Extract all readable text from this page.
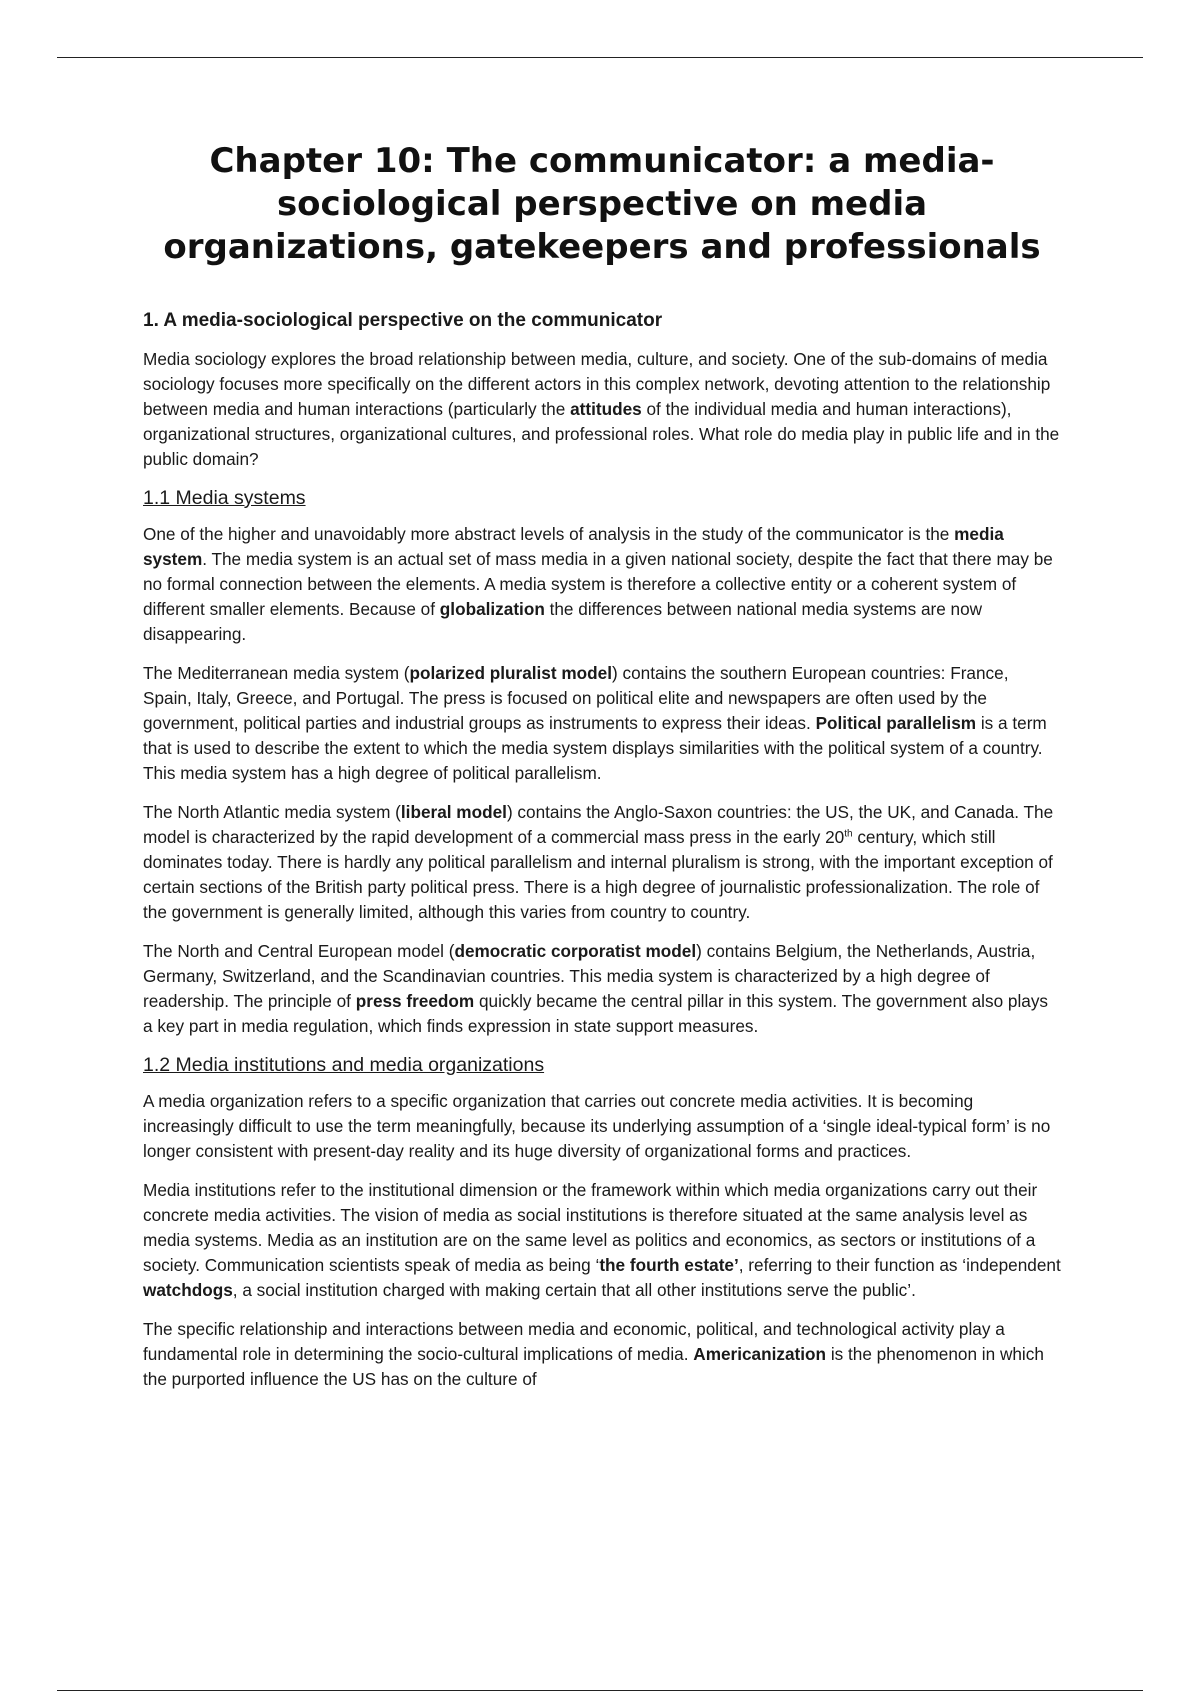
Chapter 10: The communicator: a media-sociological perspective on media organizations, gatekeepers and professionals
1. A media-sociological perspective on the communicator

Media sociology explores the broad relationship between media, culture, and society. One of the sub-domains of media sociology focuses more specifically on the different actors in this complex network, devoting attention to the relationship between media and human interactions (particularly the attitudes of the individual media and human interactions), organizational structures, organizational cultures, and professional roles. What role do media play in public life and in the public domain?

1.1 Media systems

One of the higher and unavoidably more abstract levels of analysis in the study of the communicator is the media system. The media system is an actual set of mass media in a given national society, despite the fact that there may be no formal connection between the elements. A media system is therefore a collective entity or a coherent system of different smaller elements. Because of globalization the differences between national media systems are now disappearing.

The Mediterranean media system (polarized pluralist model) contains the southern European countries: France, Spain, Italy, Greece, and Portugal. The press is focused on political elite and newspapers are often used by the government, political parties and industrial groups as instruments to express their ideas. Political parallelism is a term that is used to describe the extent to which the media system displays similarities with the political system of a country. This media system has a high degree of political parallelism.

The North Atlantic media system (liberal model) contains the Anglo-Saxon countries: the US, the UK, and Canada. The model is characterized by the rapid development of a commercial mass press in the early 20th century, which still dominates today. There is hardly any political parallelism and internal pluralism is strong, with the important exception of certain sections of the British party political press. There is a high degree of journalistic professionalization. The role of the government is generally limited, although this varies from country to country.

The North and Central European model (democratic corporatist model) contains Belgium, the Netherlands, Austria, Germany, Switzerland, and the Scandinavian countries. This media system is characterized by a high degree of readership. The principle of press freedom quickly became the central pillar in this system. The government also plays a key part in media regulation, which finds expression in state support measures.

1.2 Media institutions and media organizations

A media organization refers to a specific organization that carries out concrete media activities. It is becoming increasingly difficult to use the term meaningfully, because its underlying assumption of a ‘single ideal-typical form’ is no longer consistent with present-day reality and its huge diversity of organizational forms and practices.

Media institutions refer to the institutional dimension or the framework within which media organizations carry out their concrete media activities. The vision of media as social institutions is therefore situated at the same analysis level as media systems. Media as an institution are on the same level as politics and economics, as sectors or institutions of a society. Communication scientists speak of media as being ‘the fourth estate’, referring to their function as ‘independent watchdogs, a social institution charged with making certain that all other institutions serve the public’.

The specific relationship and interactions between media and economic, political, and technological activity play a fundamental role in determining the socio-cultural implications of media. Americanization is the phenomenon in which the purported influence the US has on the culture of
